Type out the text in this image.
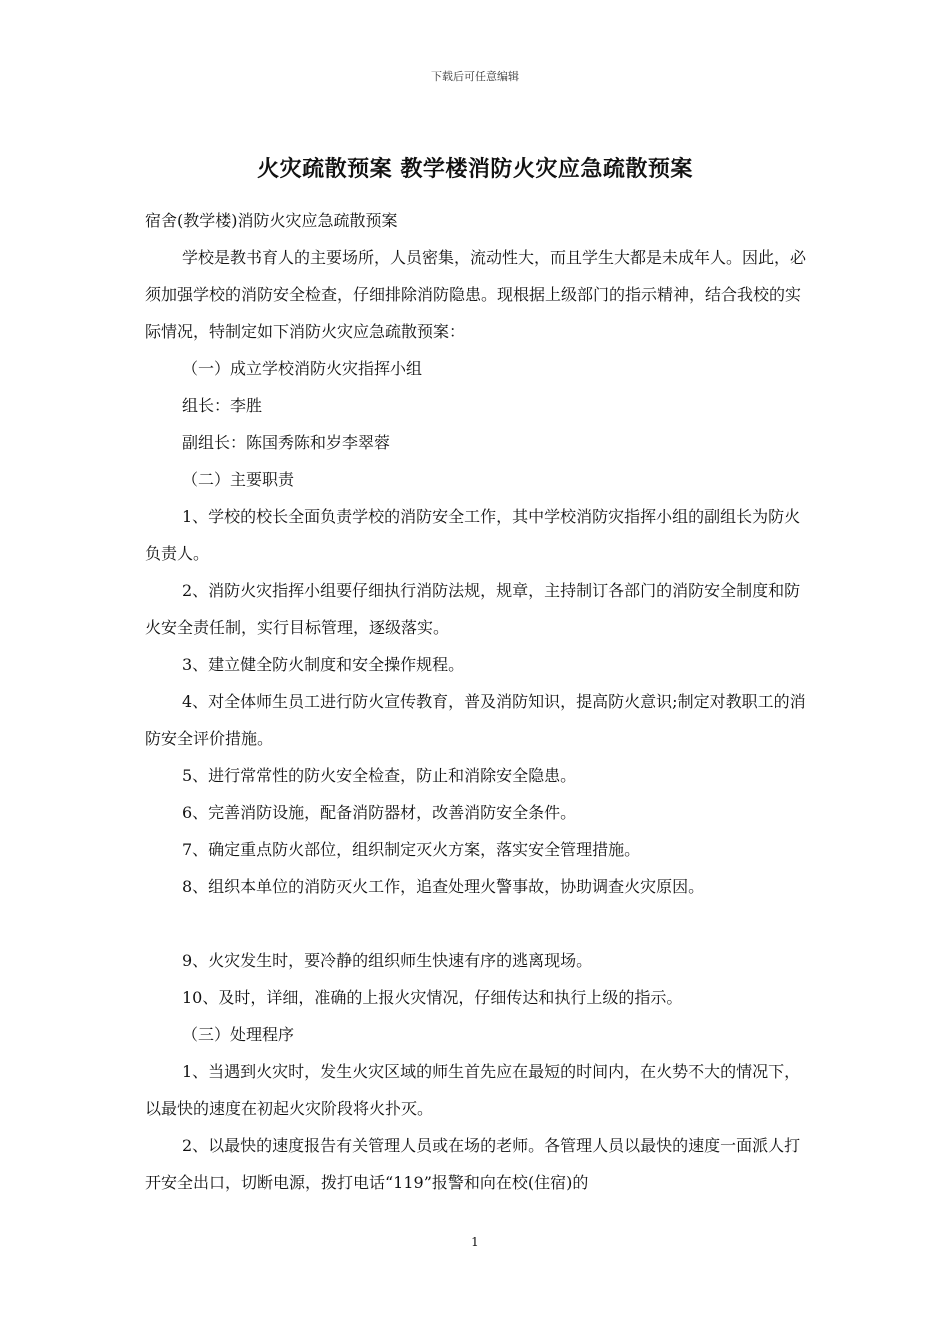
下载后可任意编辑
火灾疏散预案 教学楼消防火灾应急疏散预案

宿舍(教学楼)消防火灾应急疏散预案

学校是教书育人的主要场所，人员密集，流动性大，而且学生大都是未成年人。因此，必须加强学校的消防安全检查，仔细排除消防隐患。现根据上级部门的指示精神，结合我校的实际情况，特制定如下消防火灾应急疏散预案：

（一）成立学校消防火灾指挥小组

组长：李胜

副组长：陈国秀陈和岁李翠蓉

（二）主要职责

1、学校的校长全面负责学校的消防安全工作，其中学校消防灾指挥小组的副组长为防火负责人。

2、消防火灾指挥小组要仔细执行消防法规，规章，主持制订各部门的消防安全制度和防火安全责任制，实行目标管理，逐级落实。

3、建立健全防火制度和安全操作规程。

4、对全体师生员工进行防火宣传教育，普及消防知识，提高防火意识;制定对教职工的消防安全评价措施。

5、进行常常性的防火安全检查，防止和消除安全隐患。

6、完善消防设施，配备消防器材，改善消防安全条件。

7、确定重点防火部位，组织制定灭火方案，落实安全管理措施。

8、组织本单位的消防灭火工作，追查处理火警事故，协助调查火灾原因。

9、火灾发生时，要冷静的组织师生快速有序的逃离现场。

10、及时，详细，准确的上报火灾情况，仔细传达和执行上级的指示。

（三）处理程序

1、当遇到火灾时，发生火灾区域的师生首先应在最短的时间内，在火势不大的情况下，以最快的速度在初起火灾阶段将火扑灭。

2、以最快的速度报告有关管理人员或在场的老师。各管理人员以最快的速度一面派人打开安全出口，切断电源，拨打电话“119”报警和向在校(住宿)的

1
